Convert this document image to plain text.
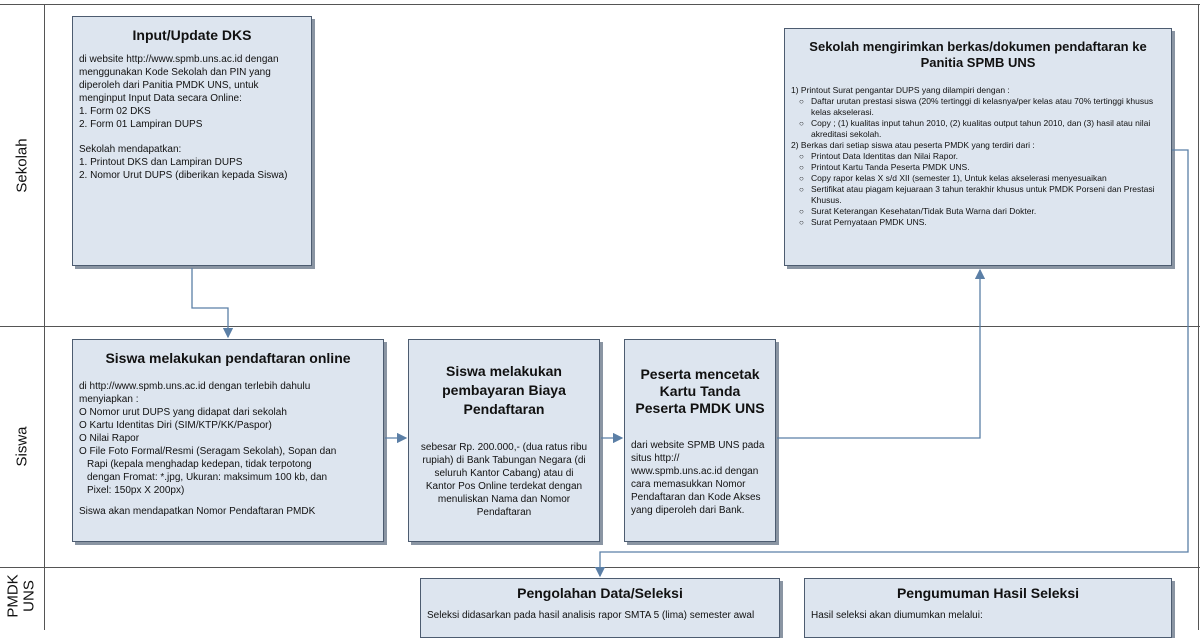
Sekolah
Siswa
PMDK
UNS
Input/Update DKS

di website http://www.spmb.uns.ac.id dengan

menggunakan Kode Sekolah dan PIN yang

diperoleh dari Panitia PMDK UNS, untuk

menginput Input Data secara Online:

1. Form 02 DKS

2. Form 01 Lampiran DUPS

Sekolah mendapatkan:

1. Printout DKS dan Lampiran DUPS

2. Nomor Urut DUPS (diberikan kepada Siswa)

Sekolah mengirimkan berkas/dokumen pendaftaran ke Panitia SPMB UNS

1) Printout Surat pengantar DUPS yang dilampiri dengan :

○ Daftar urutan prestasi siswa (20% tertinggi di kelasnya/per kelas atau 70% tertinggi khusus kelas akselerasi.
○ Copy ; (1) kualitas input tahun 2010, (2) kualitas output tahun 2010, dan (3) hasil atau nilai akreditasi sekolah.

2) Berkas dari setiap siswa atau peserta PMDK yang terdiri dari :

○ Printout Data Identitas dan Nilai Rapor.
○ Printout Kartu Tanda Peserta PMDK UNS.
○ Copy rapor kelas X s/d XII (semester 1), Untuk kelas akselerasi menyesuaikan
○ Sertifikat atau piagam kejuaraan 3 tahun terakhir khusus untuk PMDK Porseni dan Prestasi Khusus.
○ Surat Keterangan Kesehatan/Tidak Buta Warna dari Dokter.
○ Surat Pernyataan PMDK UNS.
Siswa melakukan pendaftaran online

di http://www.spmb.uns.ac.id dengan terlebih dahulu

menyiapkan :

O Nomor urut DUPS yang didapat dari sekolah

O Kartu Identitas Diri (SIM/KTP/KK/Paspor)

O Nilai Rapor

O File Foto Formal/Resmi (Seragam Sekolah), Sopan dan

Rapi (kepala menghadap kedepan, tidak terpotong

dengan Fromat: *.jpg, Ukuran: maksimum 100 kb, dan

Pixel: 150px X 200px)

Siswa akan mendapatkan Nomor Pendaftaran PMDK

Siswa melakukan pembayaran Biaya Pendaftaran

sebesar Rp. 200.000,- (dua ratus ribu

rupiah) di Bank Tabungan Negara (di

seluruh Kantor Cabang) atau di

Kantor Pos Online terdekat dengan

menuliskan Nama dan Nomor

Pendaftaran

Peserta mencetak Kartu Tanda Peserta PMDK UNS

dari website SPMB UNS pada

situs http://

www.spmb.uns.ac.id dengan

cara memasukkan Nomor

Pendaftaran dan Kode Akses

yang diperoleh dari Bank.

Pengolahan Data/Seleksi

Seleksi didasarkan pada hasil analisis rapor SMTA 5 (lima) semester awal

Pengumuman Hasil Seleksi

Hasil seleksi akan diumumkan melalui:
